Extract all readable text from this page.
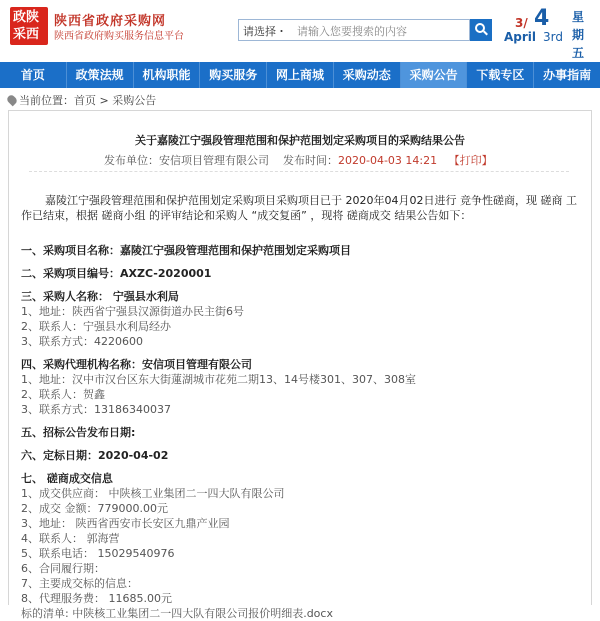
政陕
采西
陕西省政府采购网
陕西省政府购买服务信息平台	请选择・ 请输入您要搜索的内容
3/ 4
April 3rd
星期五
首页	政策法规	机构职能	购买服务	网上商城	采购动态	采购公告	下载专区	办事指南
当前位置：首页 > 采购公告
关于嘉陵江宁强段管理范围和保护范围划定采购项目的采购结果公告
发布单位：安信项目管理有限公司 发布时间：2020-04-03 14:21 【打印】
嘉陵江宁强段管理范围和保护范围划定采购项目采购项目已于 2020年04月02日进行 竞争性磋商，现 磋商 工作已结束，根据 磋商小组 的评审结论和采购人 “成交复函” ，现将 磋商成交 结果公告如下：
一、采购项目名称：嘉陵江宁强段管理范围和保护范围划定采购项目
二、采购项目编号：AXZC-2020001
三、采购人名称： 宁强县水利局
1、地址：陕西省宁强县汉源街道办民主街6号
2、联系人：宁强县水利局经办
3、联系方式：4220600
四、采购代理机构名称：安信项目管理有限公司
1、地址：汉中市汉台区东大街蓮湖城市花苑二期13、14号楼301、307、308室
2、联系人：贺鑫
3、联系方式：13186340037
五、招标公告发布日期:
六、定标日期：2020-04-02
七、 磋商成交信息
1、成交供应商： 中陕核工业集团二一四大队有限公司
2、成交 金额：779000.00元
3、地址： 陕西省西安市长安区九鼎产业园
4、联系人： 郭海营
5、联系电话： 15029540976
6、合同履行期：
7、主要成交标的信息：
8、代理服务费： 11685.00元
标的清单: 中陕核工业集团二一四大队有限公司报价明细表.docx
